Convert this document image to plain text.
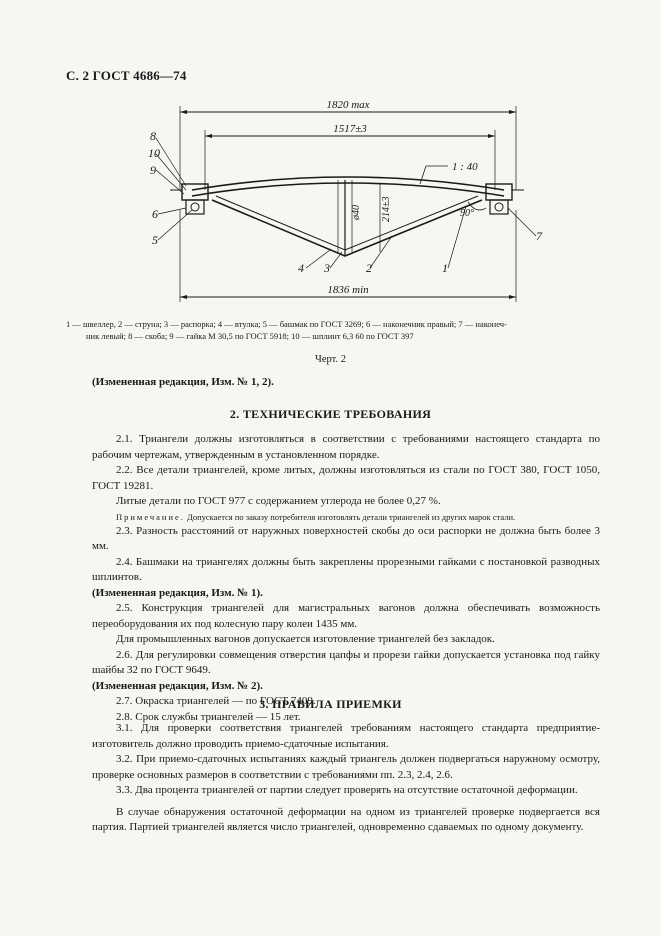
С. 2 ГОСТ 4686—74
1820 max
1517±3
1 : 40
ø40 214±3	90°
1836 min
8
10
9
6
5
4 3	2	1
7
1 — швеллер, 2 — струна; 3 — распорка; 4 — втулка; 5 — башмак по ГОСТ 3269; 6 — наконечник правый; 7 — наконеч-
ник левый; 8 — скоба; 9 — гайка М 30,5 по ГОСТ 5918; 10 — шплинт 6,3 60 по ГОСТ 397
Черт. 2
(Измененная редакция, Изм. № 1, 2).
2. ТЕХНИЧЕСКИЕ ТРЕБОВАНИЯ

2.1. Триангели должны изготовляться в соответствии с требованиями настоящего стандарта по рабочим чертежам, утвержденным в установленном порядке.

2.2. Все детали триангелей, кроме литых, должны изготовляться из стали по ГОСТ 380, ГОСТ 1050, ГОСТ 19281.

Литые детали по ГОСТ 977 с содержанием углерода не более 0,27 %.

Примечание. Допускается по заказу потребителя изготовлять детали триангелей из других марок стали.

2.3. Разность расстояний от наружных поверхностей скобы до оси распорки не должна быть более 3 мм.

2.4. Башмаки на триангелях должны быть закреплены прорезными гайками с постановкой разводных шплинтов.

(Измененная редакция, Изм. № 1).

2.5. Конструкция триангелей для магистральных вагонов должна обеспечивать возможность переоборудования их под колесную пару колеи 1435 мм.

Для промышленных вагонов допускается изготовление триангелей без закладок.

2.6. Для регулировки совмещения отверстия цапфы и прорези гайки допускается установка под гайку шайбы 32 по ГОСТ 9649.

(Измененная редакция, Изм. № 2).

2.7. Окраска триангелей — по ГОСТ 7409.

2.8. Срок службы триангелей — 15 лет.

3. ПРАВИЛА ПРИЕМКИ

3.1. Для проверки соответствия триангелей требованиям настоящего стандарта предприятие-изготовитель должно проводить приемо-сдаточные испытания.

3.2. При приемо-сдаточных испытаниях каждый триангель должен подвергаться наружному осмотру, проверке основных размеров в соответствии с требованиями пп. 2.3, 2.4, 2.6.

3.3. Два процента триангелей от партии следует проверять на отсутствие остаточной деформации.

В случае обнаружения остаточной деформации на одном из триангелей проверке подвергается вся партия. Партией триангелей является число триангелей, одновременно сдаваемых по одному документу.
